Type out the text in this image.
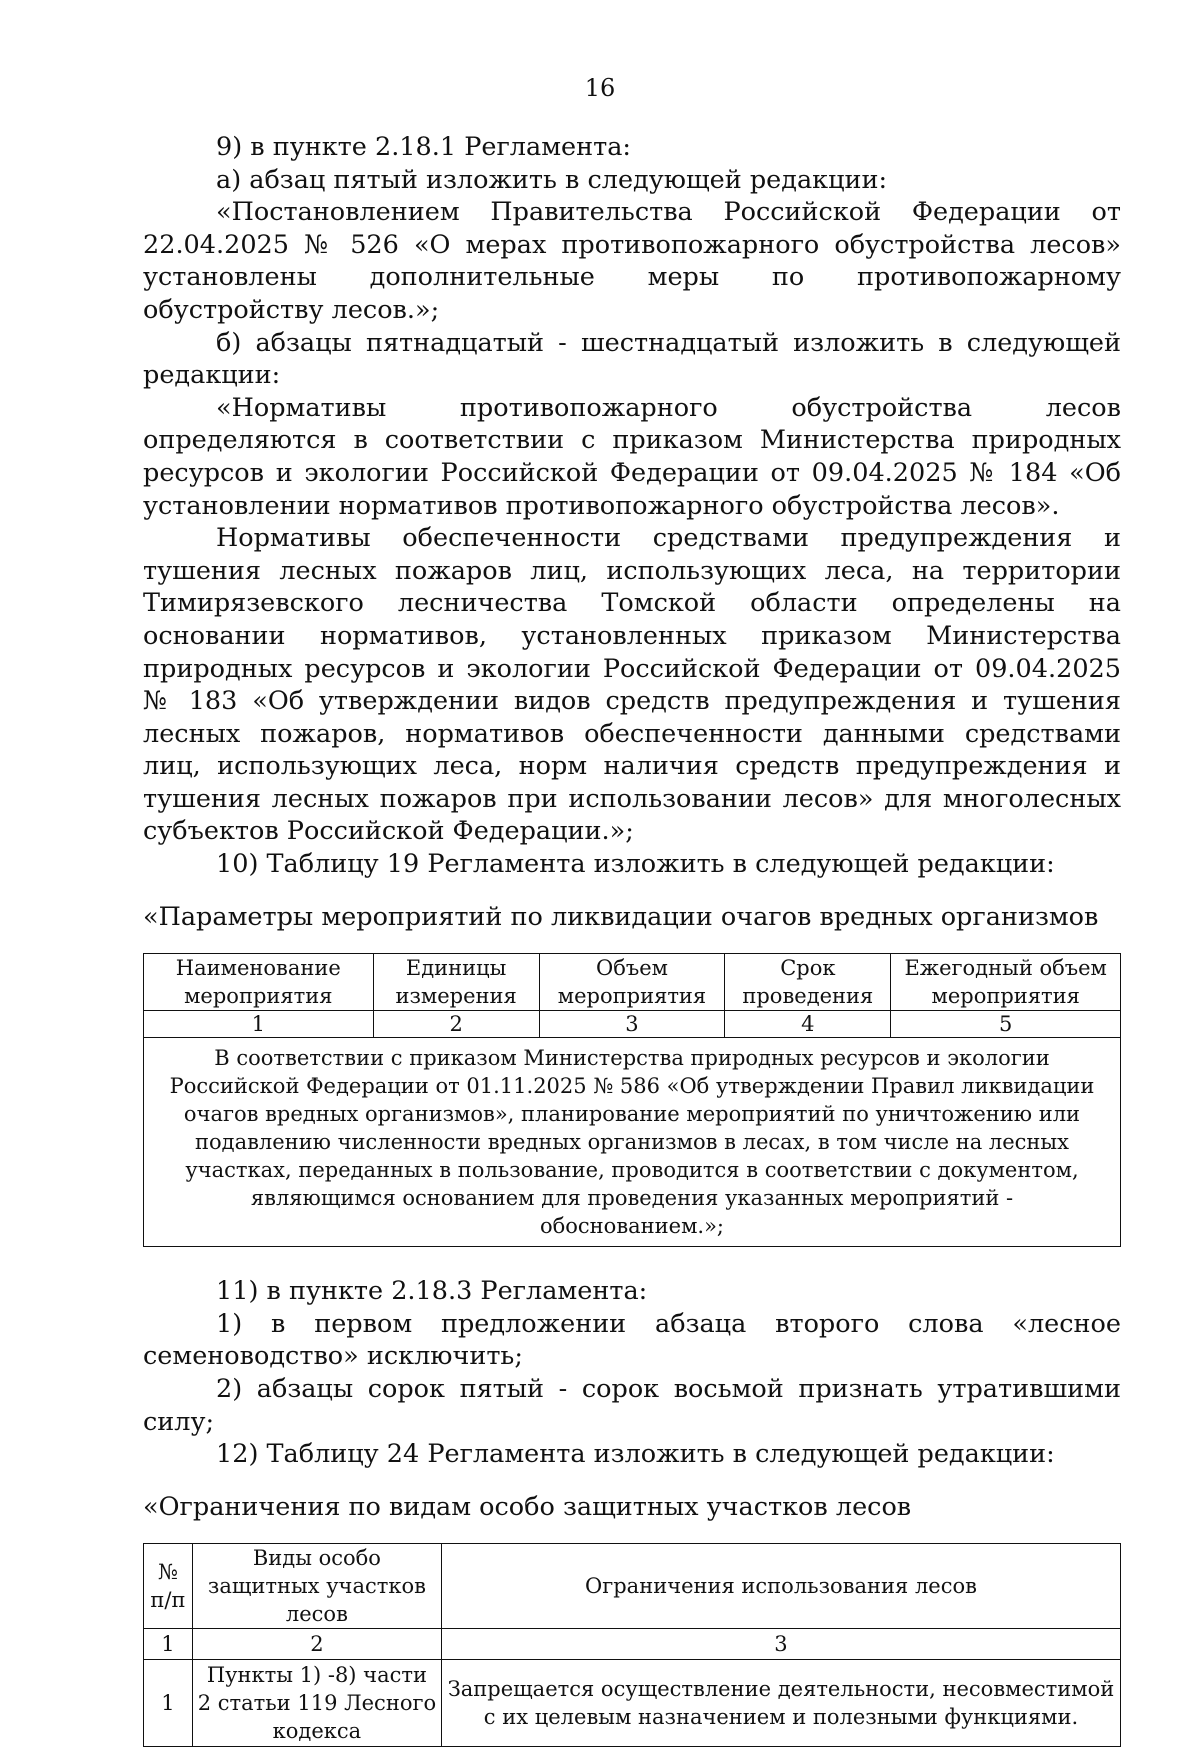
16

9) в пункте 2.18.1 Регламента:

а) абзац пятый изложить в следующей редакции:

«Постановлением Правительства Российской Федерации от 22.04.2025 № 526 «О мерах противопожарного обустройства лесов» установлены дополнительные меры по противопожарному обустройству лесов.»;

б) абзацы пятнадцатый - шестнадцатый изложить в следующей редакции:

«Нормативы противопожарного обустройства лесов определяются в соответствии с приказом Министерства природных ресурсов и экологии Российской Федерации от 09.04.2025 № 184 «Об установлении нормативов противопожарного обустройства лесов».

Нормативы обеспеченности средствами предупреждения и тушения лесных пожаров лиц, использующих леса, на территории Тимирязевского лесничества Томской области определены на основании нормативов, установленных приказом Министерства природных ресурсов и экологии Российской Федерации от 09.04.2025 № 183 «Об утверждении видов средств предупреждения и тушения лесных пожаров, нормативов обеспеченности данными средствами лиц, использующих леса, норм наличия средств предупреждения и тушения лесных пожаров при использовании лесов» для многолесных субъектов Российской Федерации.»;

10) Таблицу 19 Регламента изложить в следующей редакции:

«Параметры мероприятий по ликвидации очагов вредных организмов

Наименование мероприятия	Единицы измерения	Объем мероприятия	Срок проведения	Ежегодный объем мероприятия
1	2	3	4	5
В соответствии с приказом Министерства природных ресурсов и экологии Российской Федерации от 01.11.2025 № 586 «Об утверждении Правил ликвидации очагов вредных организмов», планирование мероприятий по уничтожению или подавлению численности вредных организмов в лесах, в том числе на лесных участках, переданных в пользование, проводится в соответствии с документом, являющимся основанием для проведения указанных мероприятий - обоснованием.»;				

11) в пункте 2.18.3 Регламента:

1) в первом предложении абзаца второго слова «лесное семеноводство» исключить;

2) абзацы сорок пятый - сорок восьмой признать утратившими силу;

12) Таблицу 24 Регламента изложить в следующей редакции:

«Ограничения по видам особо защитных участков лесов

№ п/п	Виды особо защитных участков лесов	Ограничения использования лесов
1	2	3
1	Пункты 1) -8) части 2 статьи 119 Лесного кодекса	Запрещается осуществление деятельности, несовместимой с их целевым назначением и полезными функциями.
